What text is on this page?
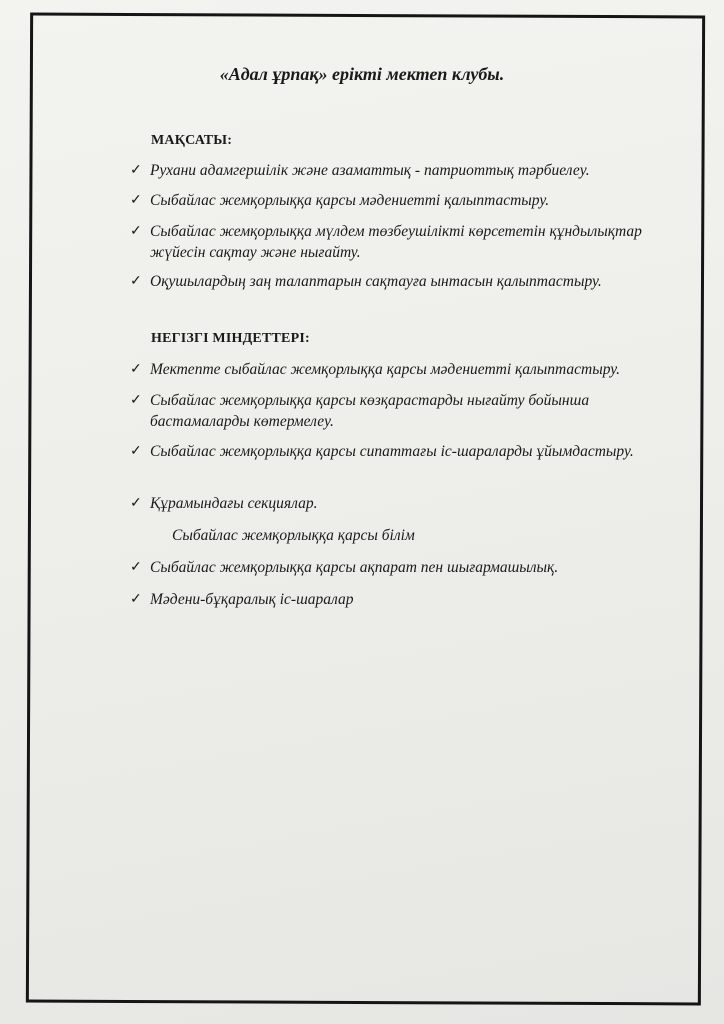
«Адал ұрпақ» ерікті мектеп клубы.
МАҚСАТЫ:
✓ Рухани адамгершілік және азаматтық - патриоттық тәрбиелеу.
✓ Сыбайлас жемқорлыққа қарсы мәдениетті қалыптастыру.
✓ Сыбайлас жемқорлыққа мүлдем төзбеушілікті көрсететін құндылықтар жүйесін сақтау және нығайту.
✓ Оқушылардың заң талаптарын сақтауға ынтасын қалыптастыру.
НЕГІЗГІ МІНДЕТТЕРІ:
✓ Мектепте сыбайлас жемқорлыққа қарсы мәдениетті қалыптастыру.
✓ Сыбайлас жемқорлыққа қарсы көзқарастарды нығайту бойынша бастамаларды көтермелеу.
✓ Сыбайлас жемқорлыққа қарсы сипаттағы іс-шараларды ұйымдастыру.
✓ Құрамындағы секциялар.
Сыбайлас жемқорлыққа қарсы білім
✓ Сыбайлас жемқорлыққа қарсы ақпарат пен шығармашылық.
✓ Мәдени-бұқаралық іс-шаралар
